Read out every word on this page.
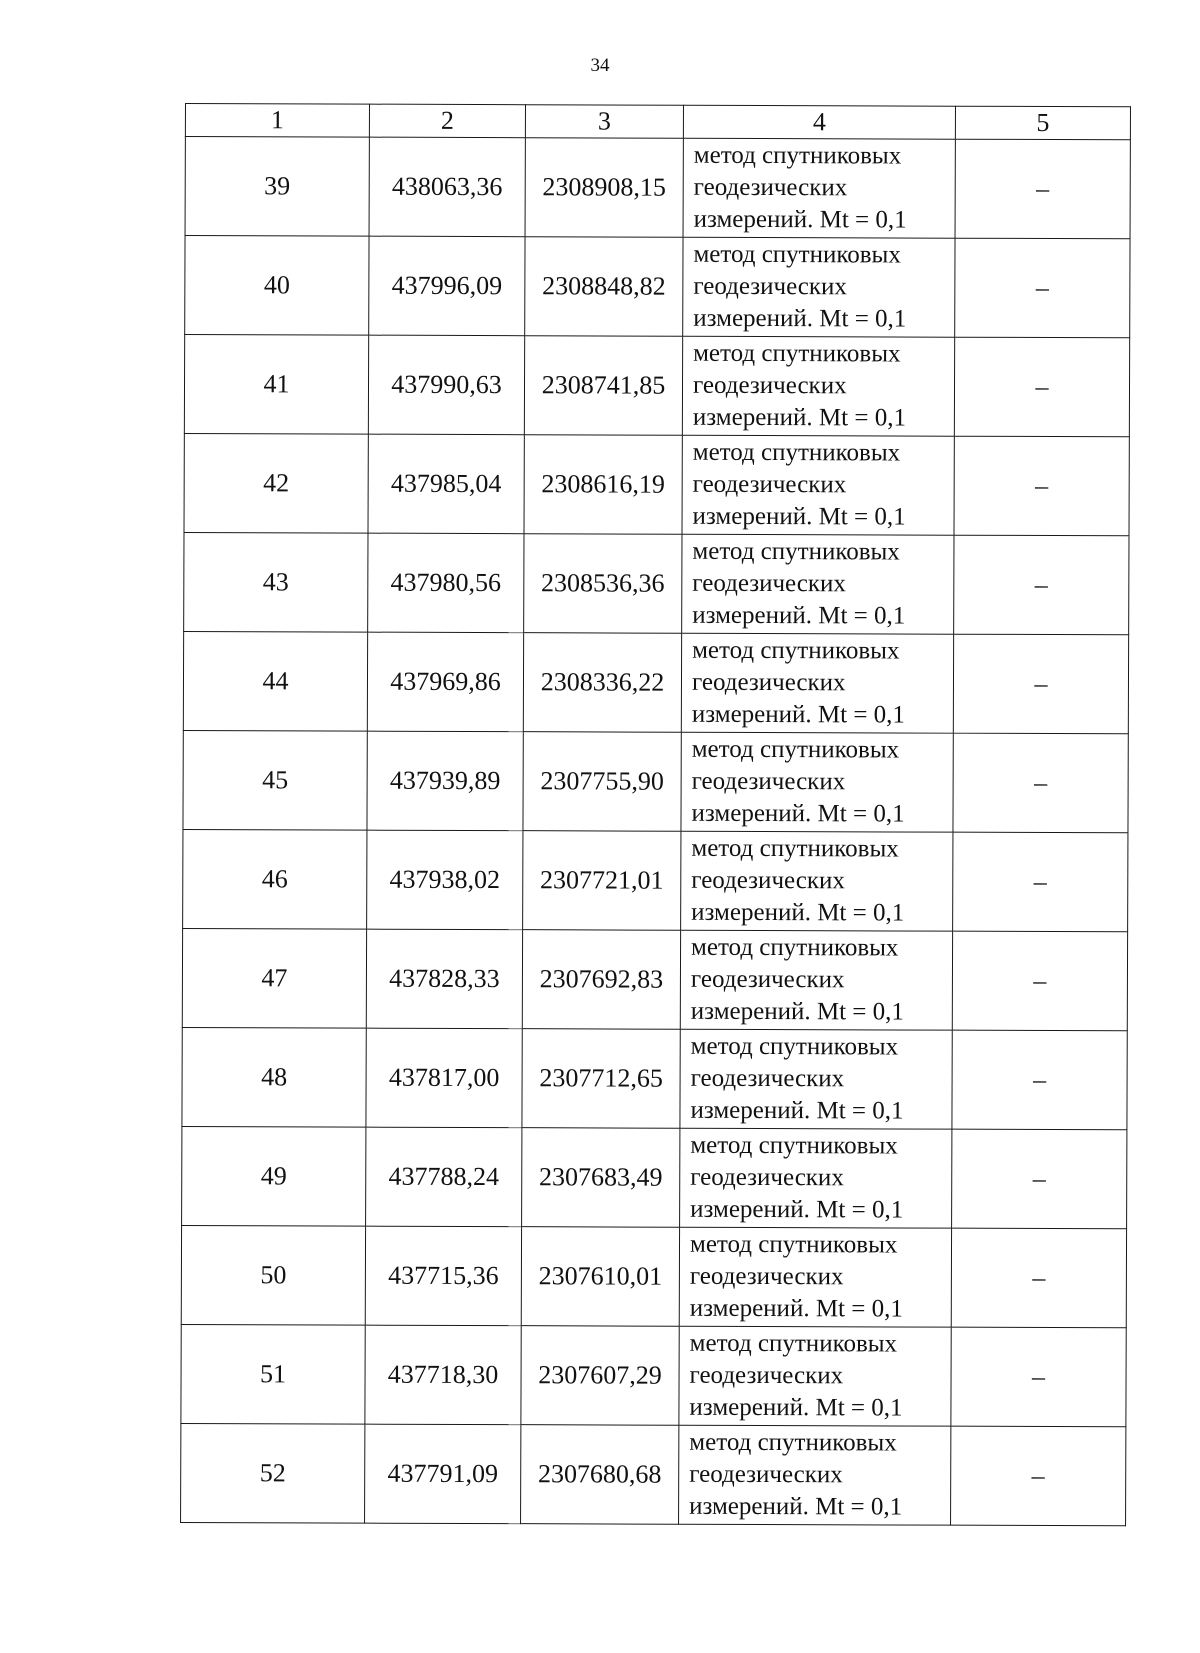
34
1	2	3	4	5
39	438063,36	2308908,15	метод спутниковых
геодезических
измерений. Mt = 0,1	–
40	437996,09	2308848,82	метод спутниковых
геодезических
измерений. Mt = 0,1	–
41	437990,63	2308741,85	метод спутниковых
геодезических
измерений. Mt = 0,1	–
42	437985,04	2308616,19	метод спутниковых
геодезических
измерений. Mt = 0,1	–
43	437980,56	2308536,36	метод спутниковых
геодезических
измерений. Mt = 0,1	–
44	437969,86	2308336,22	метод спутниковых
геодезических
измерений. Mt = 0,1	–
45	437939,89	2307755,90	метод спутниковых
геодезических
измерений. Mt = 0,1	–
46	437938,02	2307721,01	метод спутниковых
геодезических
измерений. Mt = 0,1	–
47	437828,33	2307692,83	метод спутниковых
геодезических
измерений. Mt = 0,1	–
48	437817,00	2307712,65	метод спутниковых
геодезических
измерений. Mt = 0,1	–
49	437788,24	2307683,49	метод спутниковых
геодезических
измерений. Mt = 0,1	–
50	437715,36	2307610,01	метод спутниковых
геодезических
измерений. Mt = 0,1	–
51	437718,30	2307607,29	метод спутниковых
геодезических
измерений. Mt = 0,1	–
52	437791,09	2307680,68	метод спутниковых
геодезических
измерений. Mt = 0,1	–
